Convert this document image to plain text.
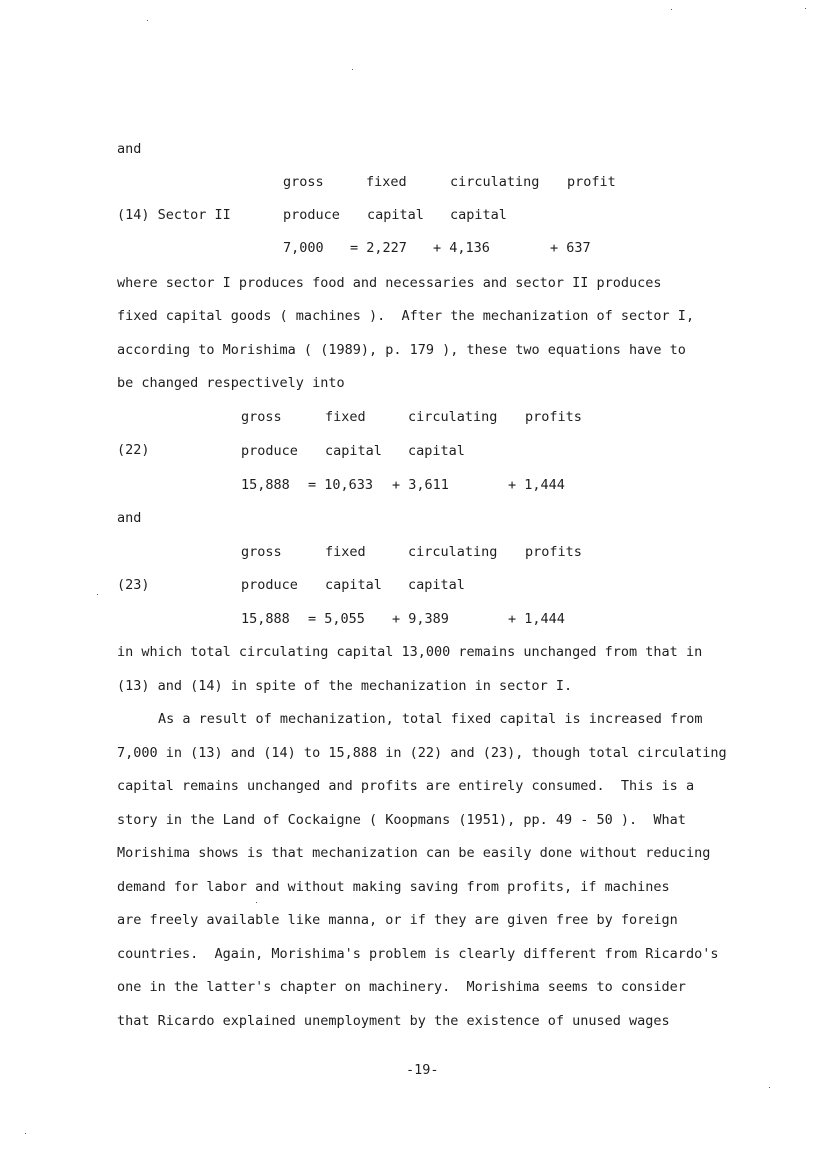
and
gross	fixed	circulating profit
(14) Sector II	produce capital capital
7,000 = 2,227 + 4,136	+ 637
where sector I produces food and necessaries and sector II produces
fixed capital goods ( machines ).  After the mechanization of sector I,
according to Morishima ( (1989), p. 179 ), these two equations have to
be changed respectively into
gross	fixed	circulating profits
(22)	produce capital capital
15,888 = 10,633 + 3,611	+ 1,444
and
gross	fixed	circulating profits
(23)	produce capital capital
15,888 = 5,055 + 9,389	+ 1,444
in which total circulating capital 13,000 remains unchanged from that in
(13) and (14) in spite of the mechanization in sector I.
As a result of mechanization, total fixed capital is increased from
7,000 in (13) and (14) to 15,888 in (22) and (23), though total circulating
capital remains unchanged and profits are entirely consumed.  This is a
story in the Land of Cockaigne ( Koopmans (1951), pp. 49 - 50 ).  What
Morishima shows is that mechanization can be easily done without reducing
demand for labor and without making saving from profits, if machines
are freely available like manna, or if they are given free by foreign
countries.  Again, Morishima's problem is clearly different from Ricardo's
one in the latter's chapter on machinery.  Morishima seems to consider
that Ricardo explained unemployment by the existence of unused wages
-19-
